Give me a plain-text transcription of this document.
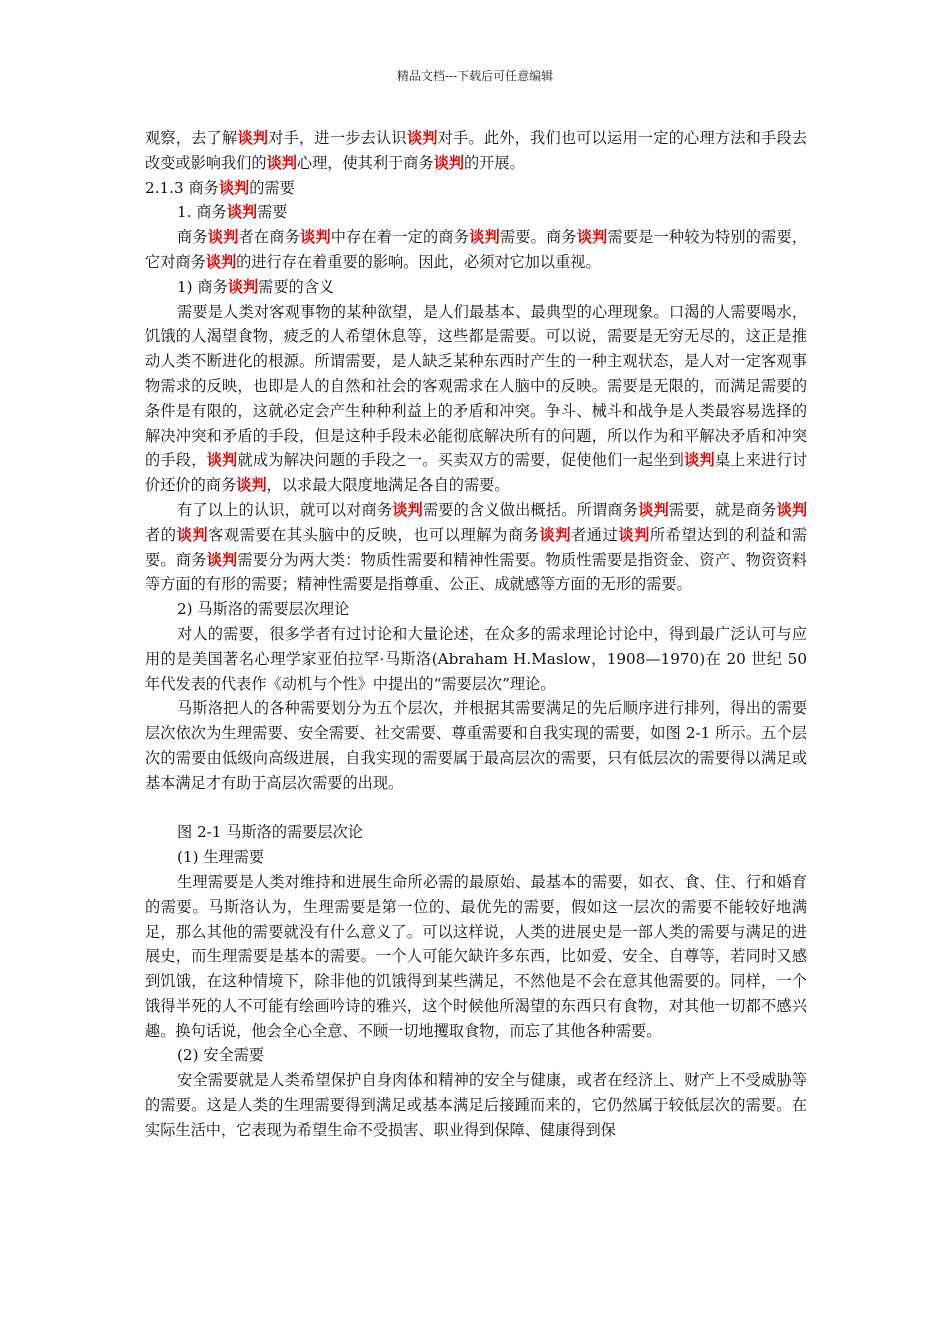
精品文档---下载后可任意编辑
观察，去了解谈判对手，进一步去认识谈判对手。此外，我们也可以运用一定的心理方法和手段去改变或影响我们的谈判心理，使其利于商务谈判的开展。
2.1.3 商务谈判的需要
1. 商务谈判需要
商务谈判者在商务谈判中存在着一定的商务谈判需要。商务谈判需要是一种较为特别的需要，它对商务谈判的进行存在着重要的影响。因此，必须对它加以重视。
1) 商务谈判需要的含义
需要是人类对客观事物的某种欲望，是人们最基本、最典型的心理现象。口渴的人需要喝水，饥饿的人渴望食物，疲乏的人希望休息等，这些都是需要。可以说，需要是无穷无尽的，这正是推动人类不断进化的根源。所谓需要，是人缺乏某种东西时产生的一种主观状态，是人对一定客观事物需求的反映，也即是人的自然和社会的客观需求在人脑中的反映。需要是无限的，而满足需要的条件是有限的，这就必定会产生种种利益上的矛盾和冲突。争斗、械斗和战争是人类最容易选择的解决冲突和矛盾的手段，但是这种手段未必能彻底解决所有的问题，所以作为和平解决矛盾和冲突的手段，谈判就成为解决问题的手段之一。买卖双方的需要，促使他们一起坐到谈判桌上来进行讨价还价的商务谈判，以求最大限度地满足各自的需要。
有了以上的认识，就可以对商务谈判需要的含义做出概括。所谓商务谈判需要，就是商务谈判者的谈判客观需要在其头脑中的反映，也可以理解为商务谈判者通过谈判所希望达到的利益和需要。商务谈判需要分为两大类：物质性需要和精神性需要。物质性需要是指资金、资产、物资资料等方面的有形的需要；精神性需要是指尊重、公正、成就感等方面的无形的需要。
2) 马斯洛的需要层次理论
对人的需要，很多学者有过讨论和大量论述，在众多的需求理论讨论中，得到最广泛认可与应用的是美国著名心理学家亚伯拉罕·马斯洛(Abraham H.Maslow，1908—1970)在 20 世纪 50 年代发表的代表作《动机与个性》中提出的“需要层次”理论。
马斯洛把人的各种需要划分为五个层次，并根据其需要满足的先后顺序进行排列，得出的需要层次依次为生理需要、安全需要、社交需要、尊重需要和自我实现的需要，如图 2-1 所示。五个层次的需要由低级向高级进展，自我实现的需要属于最高层次的需要，只有低层次的需要得以满足或基本满足才有助于高层次需要的出现。
图 2-1 马斯洛的需要层次论
(1) 生理需要
生理需要是人类对维持和进展生命所必需的最原始、最基本的需要，如衣、食、住、行和婚育的需要。马斯洛认为，生理需要是第一位的、最优先的需要，假如这一层次的需要不能较好地满足，那么其他的需要就没有什么意义了。可以这样说，人类的进展史是一部人类的需要与满足的进展史，而生理需要是基本的需要。一个人可能欠缺许多东西，比如爱、安全、自尊等，若同时又感到饥饿，在这种情境下，除非他的饥饿得到某些满足，不然他是不会在意其他需要的。同样，一个饿得半死的人不可能有绘画吟诗的雅兴，这个时候他所渴望的东西只有食物，对其他一切都不感兴趣。换句话说，他会全心全意、不顾一切地攫取食物，而忘了其他各种需要。
(2) 安全需要
安全需要就是人类希望保护自身肉体和精神的安全与健康，或者在经济上、财产上不受威胁等的需要。这是人类的生理需要得到满足或基本满足后接踵而来的，它仍然属于较低层次的需要。在实际生活中，它表现为希望生命不受损害、职业得到保障、健康得到保
